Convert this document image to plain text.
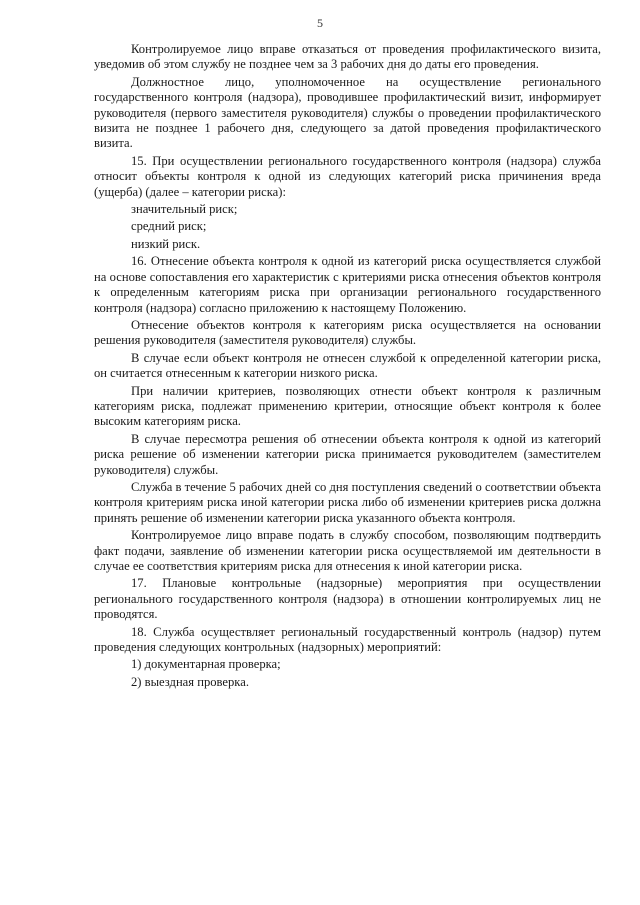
5

Контролируемое лицо вправе отказаться от проведения профилактического визита, уведомив об этом службу не позднее чем за 3 рабочих дня до даты его проведения.

Должностное лицо, уполномоченное на осуществление регионального государственного контроля (надзора), проводившее профилактический визит, информирует руководителя (первого заместителя руководителя) службы о проведении профилактического визита не позднее 1 рабочего дня, следующего за датой проведения профилактического визита.

15. При осуществлении регионального государственного контроля (надзора) служба относит объекты контроля к одной из следующих категорий риска причинения вреда (ущерба) (далее – категории риска):

значительный риск;

средний риск;

низкий риск.

16. Отнесение объекта контроля к одной из категорий риска осуществляется службой на основе сопоставления его характеристик с критериями риска отнесения объектов контроля к определенным категориям риска при организации регионального государственного контроля (надзора) согласно приложению к настоящему Положению.

Отнесение объектов контроля к категориям риска осуществляется на основании решения руководителя (заместителя руководителя) службы.

В случае если объект контроля не отнесен службой к определенной категории риска, он считается отнесенным к категории низкого риска.

При наличии критериев, позволяющих отнести объект контроля к различным категориям риска, подлежат применению критерии, относящие объект контроля к более высоким категориям риска.

В случае пересмотра решения об отнесении объекта контроля к одной из категорий риска решение об изменении категории риска принимается руководителем (заместителем руководителя) службы.

Служба в течение 5 рабочих дней со дня поступления сведений о соответствии объекта контроля критериям риска иной категории риска либо об изменении критериев риска должна принять решение об изменении категории риска указанного объекта контроля.

Контролируемое лицо вправе подать в службу способом, позволяющим подтвердить факт подачи, заявление об изменении категории риска осуществляемой им деятельности в случае ее соответствия критериям риска для отнесения к иной категории риска.

17. Плановые контрольные (надзорные) мероприятия при осуществлении регионального государственного контроля (надзора) в отношении контролируемых лиц не проводятся.

18. Служба осуществляет региональный государственный контроль (надзор) путем проведения следующих контрольных (надзорных) мероприятий:

1) документарная проверка;

2) выездная проверка.
